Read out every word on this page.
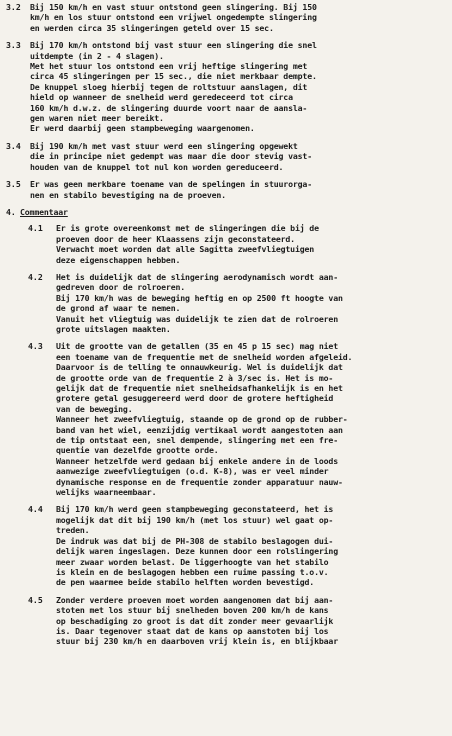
3.2	Bij 150 km/h en vast stuur ontstond geen slingering. Bij 150
km/h en los stuur ontstond een vrijwel ongedempte slingering
en werden circa 35 slingeringen geteld over 15 sec.
3.3	Bij 170 km/h ontstond bij vast stuur een slingering die snel
uitdempte (in 2 - 4 slagen).
Met het stuur los ontstond een vrij heftige slingering met
circa 45 slingeringen per 15 sec., die niet merkbaar dempte.
De knuppel sloeg hierbij tegen de roltstuur aanslagen, dit
hield op wanneer de snelheid werd geredeceerd tot circa
160 km/h d.w.z. de slingering duurde voort naar de aansla-
gen waren niet meer bereikt.
Er werd daarbij geen stampbeweging waargenomen.
3.4	Bij 190 km/h met vast stuur werd een slingering opgewekt
die in principe niet gedempt was maar die door stevig vast-
houden van de knuppel tot nul kon worden gereduceerd.
3.5	Er was geen merkbare toename van de spelingen in stuurorga-
nen en stabilo bevestiging na de proeven.
4. Commentaar
4.1	Er is grote overeenkomst met de slingeringen die bij de
proeven door de heer Klaassens zijn geconstateerd.
Verwacht moet worden dat alle Sagitta zweefvliegtuigen
deze eigenschappen hebben.
4.2	Het is duidelijk dat de slingering aerodynamisch wordt aan-
gedreven door de rolroeren.
Bij 170 km/h was de beweging heftig en op 2500 ft hoogte van
de grond af waar te nemen.
Vanuit het vliegtuig was duidelijk te zien dat de rolroeren
grote uitslagen maakten.
4.3	Uit de grootte van de getallen (35 en 45 p 15 sec) mag niet
een toename van de frequentie met de snelheid worden afgeleid.
Daarvoor is de telling te onnauwkeurig. Wel is duidelijk dat
de grootte orde van de frequentie 2 à 3/sec is. Het is mo-
gelijk dat de frequentie niet snelheidsafhankelijk is en het
grotere getal gesuggereerd werd door de grotere heftigheid
van de beweging.
Wanneer het zweefvliegtuig, staande op de grond op de rubber-
band van het wiel, eenzijdig vertikaal wordt aangestoten aan
de tip ontstaat een, snel dempende, slingering met een fre-
quentie van dezelfde grootte orde.
Wanneer hetzelfde werd gedaan bij enkele andere in de loods
aanwezige zweefvliegtuigen (o.d. K-8), was er veel minder
dynamische response en de frequentie zonder apparatuur nauw-
welijks waarneembaar.
4.4	Bij 170 km/h werd geen stampbeweging geconstateerd, het is
mogelijk dat dit bij 190 km/h (met los stuur) wel gaat op-
treden.
De indruk was dat bij de PH-308 de stabilo beslagogen dui-
delijk waren ingeslagen. Deze kunnen door een rolslingering
meer zwaar worden belast. De liggerhoogte van het stabilo
is klein en de beslagogen hebben een ruime passing t.o.v.
de pen waarmee beide stabilo helften worden bevestigd.
4.5	Zonder verdere proeven moet worden aangenomen dat bij aan-
stoten met los stuur bij snelheden boven 200 km/h de kans
op beschadiging zo groot is dat dit zonder meer gevaarlijk
is. Daar tegenover staat dat de kans op aanstoten bij los
stuur bij 230 km/h en daarboven vrij klein is, en blijkbaar
